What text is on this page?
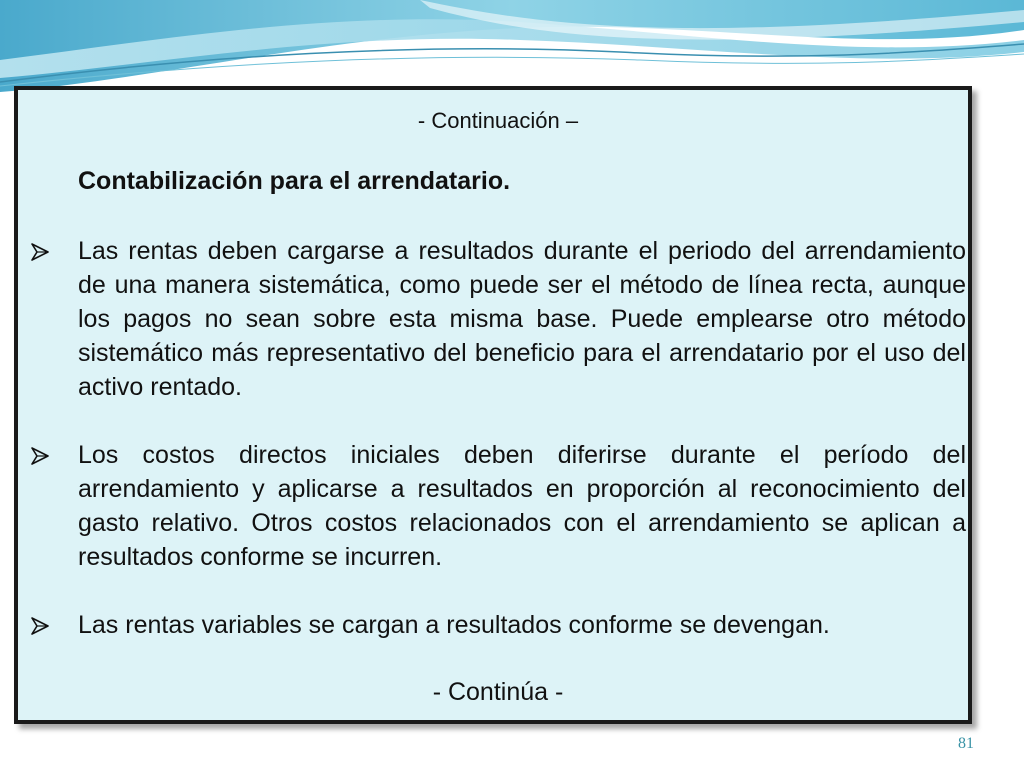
- Continuación –

Contabilización para el arrendatario.

Las rentas deben cargarse a resultados durante el periodo del arrendamiento de una manera sistemática, como puede ser el método de línea recta, aunque los pagos no sean sobre esta misma base. Puede emplearse otro método sistemático más representativo del beneficio para el arrendatario por el uso del activo rentado.
Los costos directos iniciales deben diferirse durante el período del arrendamiento y aplicarse a resultados en proporción al reconocimiento del gasto relativo. Otros costos relacionados con el arrendamiento se aplican a resultados conforme se incurren.
Las rentas variables se cargan a resultados conforme se devengan.

- Continúa -

81
